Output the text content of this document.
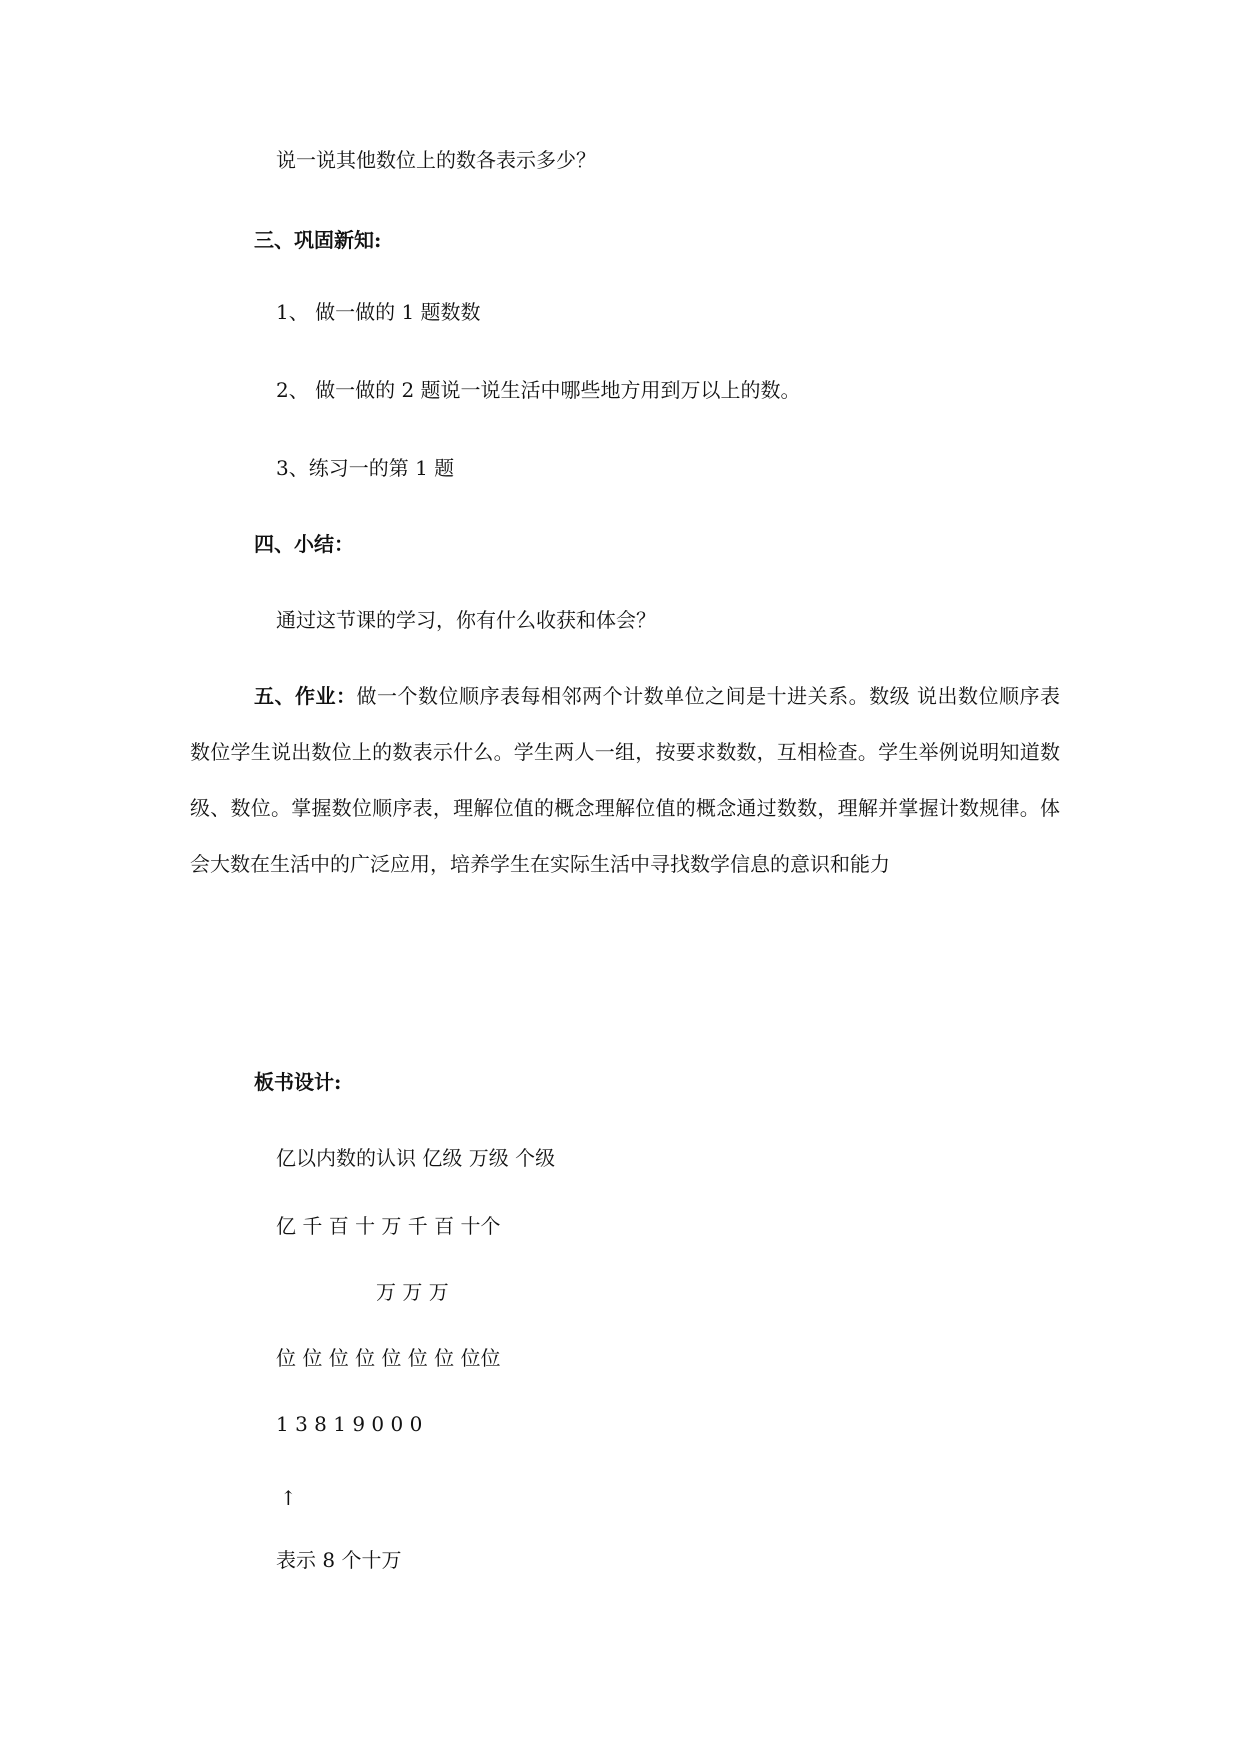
说一说其他数位上的数各表示多少？
三、巩固新知:
1、 做一做的 1 题数数
2、 做一做的 2 题说一说生活中哪些地方用到万以上的数。
3、练习一的第 1 题
四、小结：
通过这节课的学习，你有什么收获和体会？
五、作业：做一个数位顺序表每相邻两个计数单位之间是十进关系。数级 说出数位顺序表数位学生说出数位上的数表示什么。学生两人一组，按要求数数，互相检查。学生举例说明知道数级、数位。掌握数位顺序表，理解位值的概念理解位值的概念通过数数，理解并掌握计数规律。体会大数在生活中的广泛应用，培养学生在实际生活中寻找数学信息的意识和能力
板书设计:
亿以内数的认识 亿级 万级 个级
亿 千 百 十 万 千 百 十个
万 万 万
位 位 位 位 位 位 位 位位
1 3 8 1 9 0 0 0
↑
表示 8 个十万
